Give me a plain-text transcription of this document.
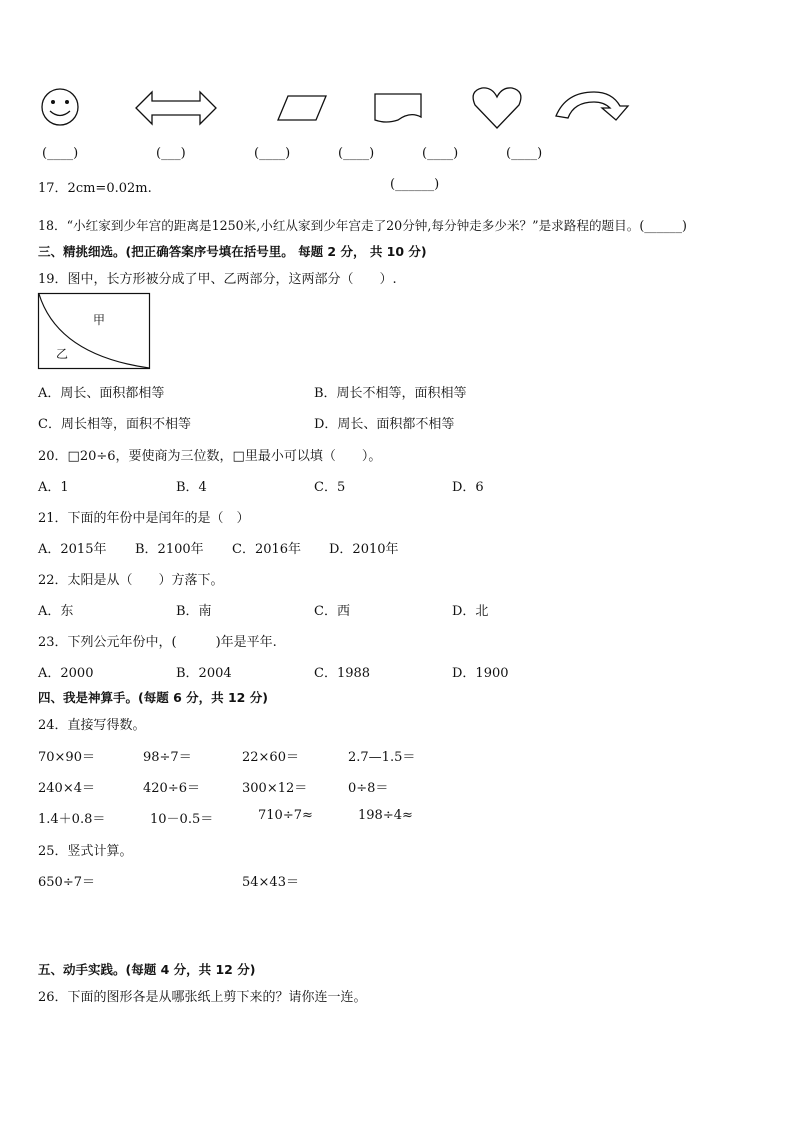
(____)	(___)	(____)	(____)	(____)	(____)
17．2cm=0.02m.	(______)
18．“小红家到少年宫的距离是1250米,小红从家到少年宫走了20分钟,每分钟走多少米？”是求路程的题目。(______)
三、精挑细选。(把正确答案序号填在括号里。 每题 2 分， 共 10 分)
19．图中，长方形被分成了甲、乙两部分，这两部分（　　）.
甲
乙
A．周长、面积都相等	B．周长不相等，面积相等
C．周长相等，面积不相等	D．周长、面积都不相等
20．□20÷6，要使商为三位数，□里最小可以填（　　）。
A．1	B．4	C．5	D．6
21．下面的年份中是闰年的是（　）
A．2015年 B．2100年 C．2016年 D．2010年
22．太阳是从（　　）方落下。
A．东	B．南	C．西	D．北
23．下列公元年份中，(　　　)年是平年.
A．2000	B．2004	C．1988	D．1900
四、我是神算手。(每题 6 分，共 12 分)
24．直接写得数。
70×90＝	98÷7＝	22×60＝	2.7—1.5＝
240×4＝	420÷6＝	300×12＝	0÷8＝
1.4＋0.8＝	10－0.5＝	710÷7≈	198÷4≈
25．竖式计算。
650÷7＝	54×43＝
五、动手实践。(每题 4 分，共 12 分)
26．下面的图形各是从哪张纸上剪下来的？请你连一连。
